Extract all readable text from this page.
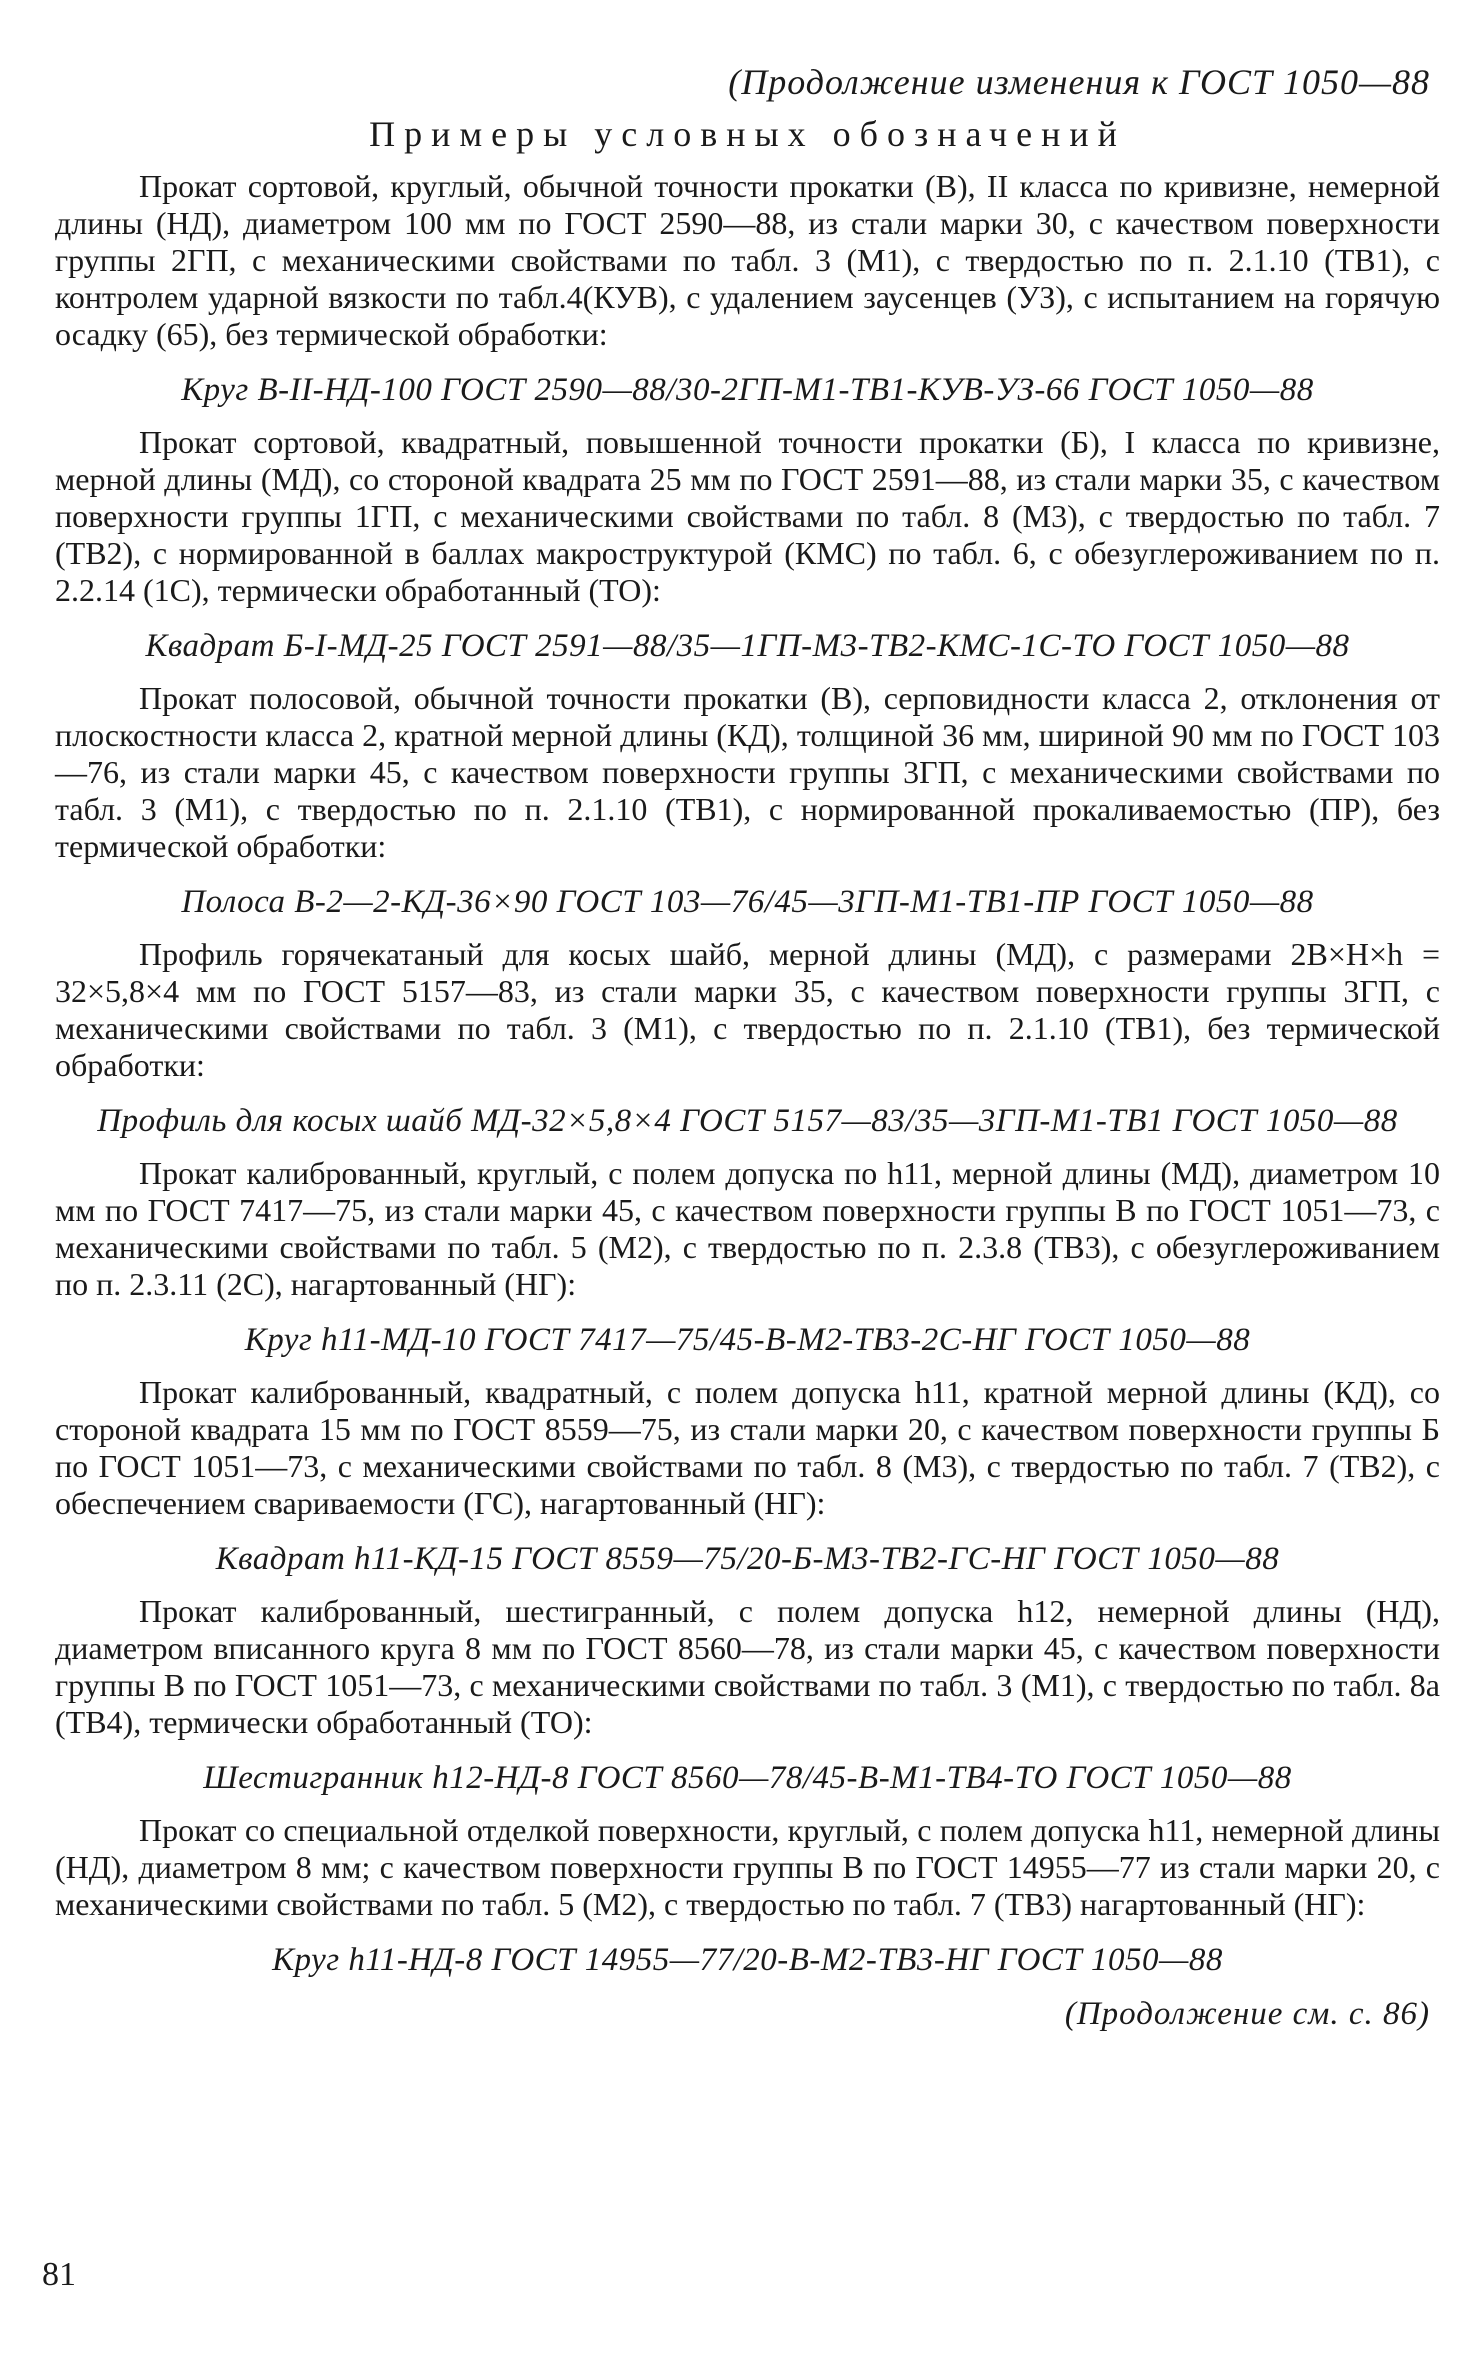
(Продолжение изменения к ГОСТ 1050—88
Примеры условных обозначений

Прокат сортовой, круглый, обычной точности прокатки (В), II класса по кривизне, немерной длины (НД), диаметром 100 мм по ГОСТ 2590—88, из стали марки 30, с качеством поверхности группы 2ГП, с механическими свойствами по табл. 3 (М1), с твердостью по п. 2.1.10 (ТВ1), с контролем ударной вязкости по табл.4(КУВ), с удалением заусенцев (УЗ), с испытанием на горячую осадку (65), без термической обработки:

Круг В-II-НД-100 ГОСТ 2590—88/30-2ГП-М1-ТВ1-КУВ-УЗ-66 ГОСТ 1050—88

Прокат сортовой, квадратный, повышенной точности прокатки (Б), I класса по кривизне, мерной длины (МД), со стороной квадрата 25 мм по ГОСТ 2591—88, из стали марки 35, с качеством поверхности группы 1ГП, с механическими свойствами по табл. 8 (М3), с твердостью по табл. 7 (ТВ2), с нормированной в баллах макроструктурой (КМС) по табл. 6, с обезуглероживанием по п. 2.2.14 (1С), термически обработанный (ТО):

Квадрат Б-I-МД-25 ГОСТ 2591—88/35—1ГП-М3-ТВ2-КМС-1С-ТО ГОСТ 1050—88

Прокат полосовой, обычной точности прокатки (В), серповидности класса 2, отклонения от плоскостности класса 2, кратной мерной длины (КД), толщиной 36 мм, шириной 90 мм по ГОСТ 103—76, из стали марки 45, с качеством поверхности группы 3ГП, с механическими свойствами по табл. 3 (М1), с твердостью по п. 2.1.10 (ТВ1), с нормированной прокаливаемостью (ПР), без термической обработки:

Полоса В-2—2-КД-36×90 ГОСТ 103—76/45—3ГП-М1-ТВ1-ПР ГОСТ 1050—88

Профиль горячекатаный для косых шайб, мерной длины (МД), с размерами 2В×Н×h = 32×5,8×4 мм по ГОСТ 5157—83, из стали марки 35, с качеством поверхности группы 3ГП, с механическими свойствами по табл. 3 (М1), с твердостью по п. 2.1.10 (ТВ1), без термической обработки:

Профиль для косых шайб МД-32×5,8×4 ГОСТ 5157—83/35—3ГП-М1-ТВ1 ГОСТ 1050—88

Прокат калиброванный, круглый, с полем допуска по h11, мерной длины (МД), диаметром 10 мм по ГОСТ 7417—75, из стали марки 45, с качеством поверхности группы В по ГОСТ 1051—73, с механическими свойствами по табл. 5 (М2), с твердостью по п. 2.3.8 (ТВ3), с обезуглероживанием по п. 2.3.11 (2С), нагартованный (НГ):

Круг h11-МД-10 ГОСТ 7417—75/45-В-М2-ТВ3-2С-НГ ГОСТ 1050—88

Прокат калиброванный, квадратный, с полем допуска h11, кратной мерной длины (КД), со стороной квадрата 15 мм по ГОСТ 8559—75, из стали марки 20, с качеством поверхности группы Б по ГОСТ 1051—73, с механическими свойствами по табл. 8 (М3), с твердостью по табл. 7 (ТВ2), с обеспечением свариваемости (ГС), нагартованный (НГ):

Квадрат h11-КД-15 ГОСТ 8559—75/20-Б-М3-ТВ2-ГС-НГ ГОСТ 1050—88

Прокат калиброванный, шестигранный, с полем допуска h12, немерной длины (НД), диаметром вписанного круга 8 мм по ГОСТ 8560—78, из стали марки 45, с качеством поверхности группы В по ГОСТ 1051—73, с механическими свойствами по табл. 3 (М1), с твердостью по табл. 8а (ТВ4), термически обработанный (ТО):

Шестигранник h12-НД-8 ГОСТ 8560—78/45-В-М1-ТВ4-ТО ГОСТ 1050—88

Прокат со специальной отделкой поверхности, круглый, с полем допуска h11, немерной длины (НД), диаметром 8 мм; с качеством поверхности группы В по ГОСТ 14955—77 из стали марки 20, с механическими свойствами по табл. 5 (М2), с твердостью по табл. 7 (ТВ3) нагартованный (НГ):

Круг h11-НД-8 ГОСТ 14955—77/20-В-М2-ТВ3-НГ ГОСТ 1050—88

(Продолжение см. с. 86)
81
